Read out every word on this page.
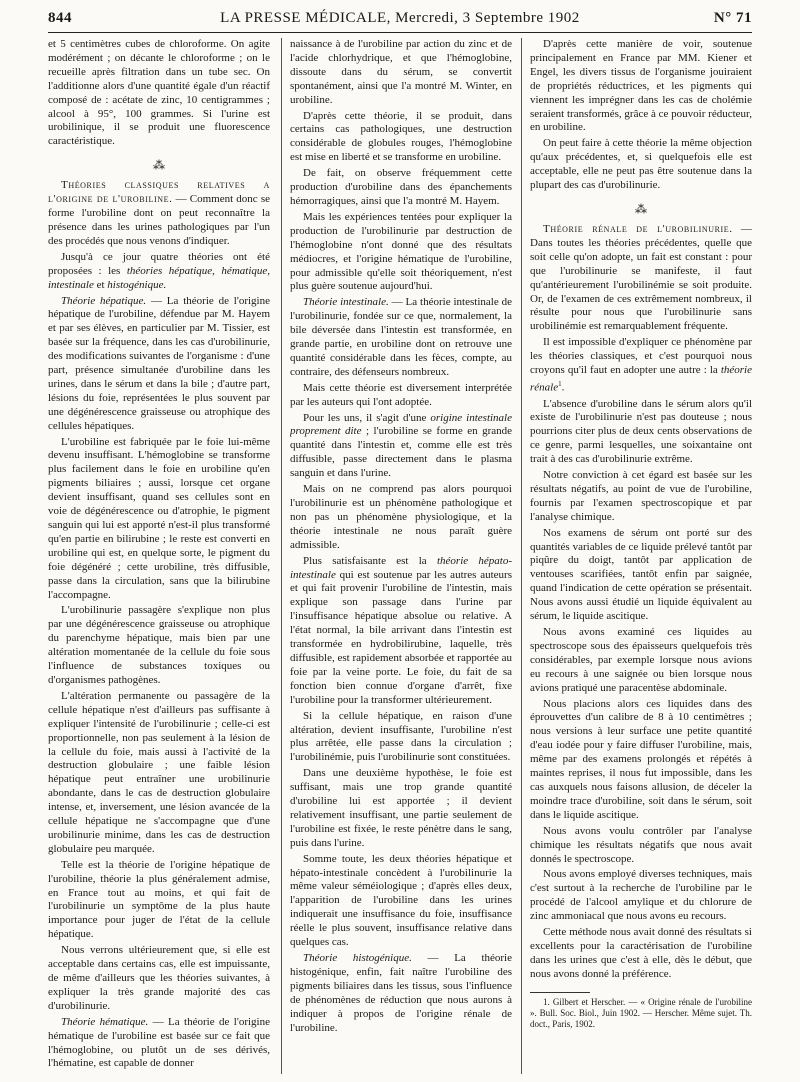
844	LA PRESSE MÉDICALE, Mercredi, 3 Septembre 1902	N° 71

et 5 centimètres cubes de chloroforme. On agite modérément ; on décante le chloroforme ; on le recueille après filtration dans un tube sec. On l'additionne alors d'une quantité égale d'un réactif composé de : acétate de zinc, 10 centigrammes ; alcool à 95°, 100 grammes. Si l'urine est urobilinique, il se produit une fluorescence caractéristique.

⁂

Théories classiques relatives a l'origine de l'urobiline. — Comment donc se forme l'urobiline dont on peut reconnaître la présence dans les urines pathologiques par l'un des procédés que nous venons d'indiquer.

Jusqu'à ce jour quatre théories ont été proposées : les théories hépatique, hématique, intestinale et histogénique.

Théorie hépatique. — La théorie de l'origine hépatique de l'urobiline, défendue par M. Hayem et par ses élèves, en particulier par M. Tissier, est basée sur la fréquence, dans les cas d'urobilinurie, des modifications suivantes de l'organisme : d'une part, présence simultanée d'urobiline dans les urines, dans le sérum et dans la bile ; d'autre part, lésions du foie, représentées le plus souvent par une dégénérescence graisseuse ou atrophique des cellules hépatiques.

L'urobiline est fabriquée par le foie lui-même devenu insuffisant. L'hémoglobine se transforme plus facilement dans le foie en urobiline qu'en pigments biliaires ; aussi, lorsque cet organe devient insuffisant, quand ses cellules sont en voie de dégénérescence ou d'atrophie, le pigment sanguin qui lui est apporté n'est-il plus transformé qu'en partie en bilirubine ; le reste est converti en urobiline qui est, en quelque sorte, le pigment du foie dégénéré ; cette urobiline, très diffusible, passe dans la circulation, sans que la bilirubine l'accompagne.

L'urobilinurie passagère s'explique non plus par une dégénérescence graisseuse ou atrophique du parenchyme hépatique, mais bien par une altération momentanée de la cellule du foie sous l'influence de substances toxiques ou d'organismes pathogènes.

L'altération permanente ou passagère de la cellule hépatique n'est d'ailleurs pas suffisante à expliquer l'intensité de l'urobilinurie ; celle-ci est proportionnelle, non pas seulement à la lésion de la cellule du foie, mais aussi à l'activité de la destruction globulaire ; une faible lésion hépatique peut entraîner une urobilinurie abondante, dans le cas de destruction globulaire intense, et, inversement, une lésion avancée de la cellule hépatique ne s'accompagne que d'une urobilinurie minime, dans les cas de destruction globulaire peu marquée.

Telle est la théorie de l'origine hépatique de l'urobiline, théorie la plus généralement admise, en France tout au moins, et qui fait de l'urobilinurie un symptôme de la plus haute importance pour juger de l'état de la cellule hépatique.

Nous verrons ultérieurement que, si elle est acceptable dans certains cas, elle est impuissante, de même d'ailleurs que les théories suivantes, à expliquer la très grande majorité des cas d'urobilinurie.

Théorie hématique. — La théorie de l'origine hématique de l'urobiline est basée sur ce fait que l'hémoglobine, ou plutôt un de ses dérivés, l'hématine, est capable de donner

naissance à de l'urobiline par action du zinc et de l'acide chlorhydrique, et que l'hémoglobine, dissoute dans du sérum, se convertit spontanément, ainsi que l'a montré M. Winter, en urobiline.

D'après cette théorie, il se produit, dans certains cas pathologiques, une destruction considérable de globules rouges, l'hémoglobine est mise en liberté et se transforme en urobiline.

De fait, on observe fréquemment cette production d'urobiline dans des épanchements hémorragiques, ainsi que l'a montré M. Hayem.

Mais les expériences tentées pour expliquer la production de l'urobilinurie par destruction de l'hémoglobine n'ont donné que des résultats médiocres, et l'origine hématique de l'urobiline, pour admissible qu'elle soit théoriquement, n'est plus guère soutenue aujourd'hui.

Théorie intestinale. — La théorie intestinale de l'urobilinurie, fondée sur ce que, normalement, la bile déversée dans l'intestin est transformée, en grande partie, en urobiline dont on retrouve une quantité considérable dans les fèces, compte, au contraire, des défenseurs nombreux.

Mais cette théorie est diversement interprétée par les auteurs qui l'ont adoptée.

Pour les uns, il s'agit d'une origine intestinale proprement dite ; l'urobiline se forme en grande quantité dans l'intestin et, comme elle est très diffusible, passe directement dans le plasma sanguin et dans l'urine.

Mais on ne comprend pas alors pourquoi l'urobilinurie est un phénomène pathologique et non pas un phénomène physiologique, et la théorie intestinale ne nous paraît guère admissible.

Plus satisfaisante est la théorie hépato-intestinale qui est soutenue par les autres auteurs et qui fait provenir l'urobiline de l'intestin, mais explique son passage dans l'urine par l'insuffisance hépatique absolue ou relative. A l'état normal, la bile arrivant dans l'intestin est transformée en hydrobilirubine, laquelle, très diffusible, est rapidement absorbée et rapportée au foie par la veine porte. Le foie, du fait de sa fonction bien connue d'organe d'arrêt, fixe l'urobiline pour la transformer ultérieurement.

Si la cellule hépatique, en raison d'une altération, devient insuffisante, l'urobiline n'est plus arrêtée, elle passe dans la circulation ; l'urobilinémie, puis l'urobilinurie sont constituées.

Dans une deuxième hypothèse, le foie est suffisant, mais une trop grande quantité d'urobiline lui est apportée ; il devient relativement insuffisant, une partie seulement de l'urobiline est fixée, le reste pénètre dans le sang, puis dans l'urine.

Somme toute, les deux théories hépatique et hépato-intestinale concèdent à l'urobilinurie la même valeur séméiologique ; d'après elles deux, l'apparition de l'urobiline dans les urines indiquerait une insuffisance du foie, insuffisance réelle le plus souvent, insuffisance relative dans quelques cas.

Théorie histogénique. — La théorie histogénique, enfin, fait naître l'urobiline des pigments biliaires dans les tissus, sous l'influence de phénomènes de réduction que nous aurons à indiquer à propos de l'origine rénale de l'urobiline.

D'après cette manière de voir, soutenue principalement en France par MM. Kiener et Engel, les divers tissus de l'organisme jouiraient de propriétés réductrices, et les pigments qui viennent les imprégner dans les cas de cholémie seraient transformés, grâce à ce pouvoir réducteur, en urobiline.

On peut faire à cette théorie la même objection qu'aux précédentes, et, si quelquefois elle est acceptable, elle ne peut pas être soutenue dans la plupart des cas d'urobilinurie.

⁂

Théorie rénale de l'urobilinurie. — Dans toutes les théories précédentes, quelle que soit celle qu'on adopte, un fait est constant : pour que l'urobilinurie se manifeste, il faut qu'antérieurement l'urobilinémie se soit produite. Or, de l'examen de ces extrêmement nombreux, il résulte pour nous que l'urobilinurie sans urobilinémie est remarquablement fréquente.

Il est impossible d'expliquer ce phénomène par les théories classiques, et c'est pourquoi nous croyons qu'il faut en adopter une autre : la théorie rénale$^1$.

L'absence d'urobiline dans le sérum alors qu'il existe de l'urobilinurie n'est pas douteuse ; nous pourrions citer plus de deux cents observations de ce genre, parmi lesquelles, une soixantaine ont trait à des cas d'urobilinurie extrême.

Notre conviction à cet égard est basée sur les résultats négatifs, au point de vue de l'urobiline, fournis par l'examen spectroscopique et par l'analyse chimique.

Nos examens de sérum ont porté sur des quantités variables de ce liquide prélevé tantôt par piqûre du doigt, tantôt par application de ventouses scarifiées, tantôt enfin par saignée, quand l'indication de cette opération se présentait. Nous avons aussi étudié un liquide équivalent au sérum, le liquide ascitique.

Nous avons examiné ces liquides au spectroscope sous des épaisseurs quelquefois très considérables, par exemple lorsque nous avions eu recours à une saignée ou bien lorsque nous avions pratiqué une paracentèse abdominale.

Nous placions alors ces liquides dans des éprouvettes d'un calibre de 8 à 10 centimètres ; nous versions à leur surface une petite quantité d'eau iodée pour y faire diffuser l'urobiline, mais, même par des examens prolongés et répétés à maintes reprises, il nous fut impossible, dans les cas auxquels nous faisons allusion, de déceler la moindre trace d'urobiline, soit dans le sérum, soit dans le liquide ascitique.

Nous avons voulu contrôler par l'analyse chimique les résultats négatifs que nous avait donnés le spectroscope.

Nous avons employé diverses techniques, mais c'est surtout à la recherche de l'urobiline par le procédé de l'alcool amylique et du chlorure de zinc ammoniacal que nous avons eu recours.

Cette méthode nous avait donné des résultats si excellents pour la caractérisation de l'urobiline dans les urines que c'est à elle, dès le début, que nous avons donné la préférence.

1. Gilbert et Herscher. — « Origine rénale de l'urobiline ». Bull. Soc. Biol., Juin 1902. — Herscher. Même sujet. Th. doct., Paris, 1902.
